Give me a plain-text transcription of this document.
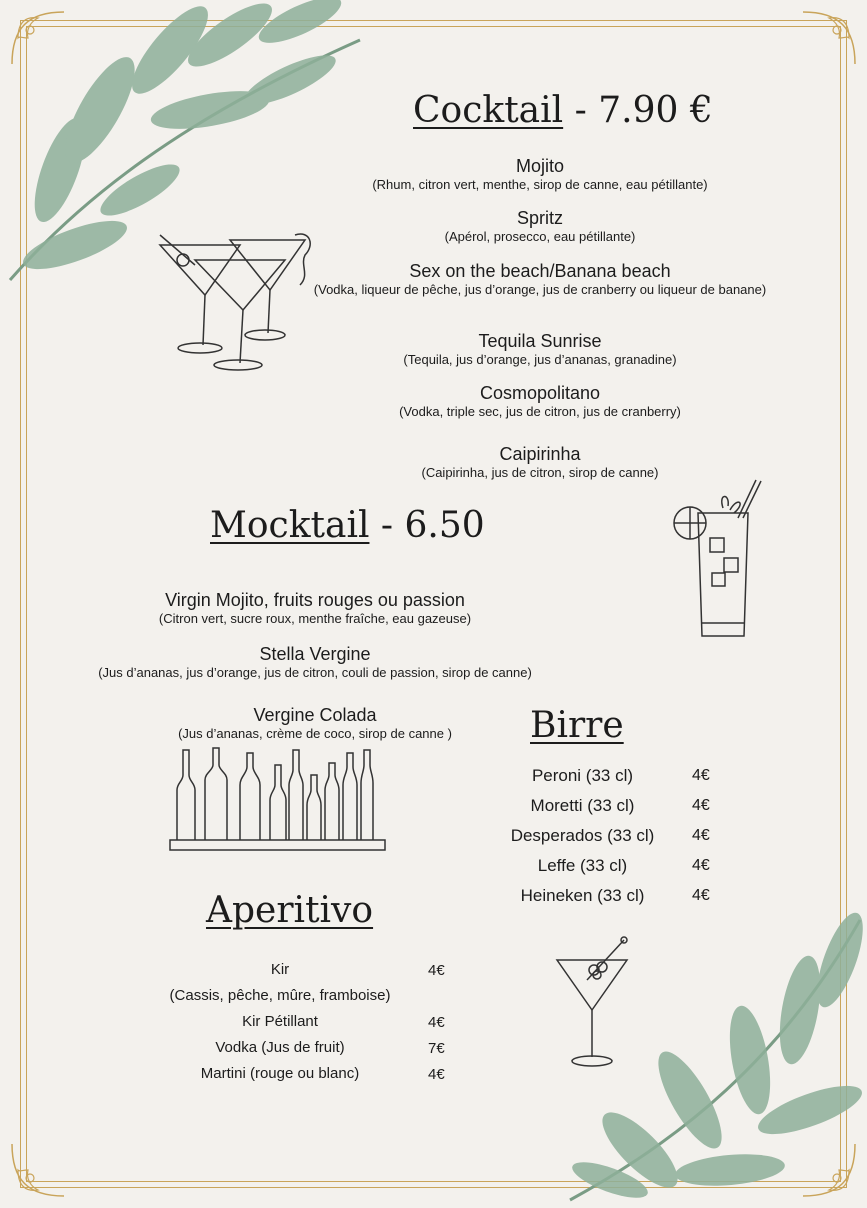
Cocktail - 7.90 €
Mojito
(Rhum, citron vert, menthe, sirop de canne, eau pétillante)
Spritz
(Apérol, prosecco, eau pétillante)
Sex on the beach/Banana beach
(Vodka, liqueur de pêche, jus d’orange, jus de cranberry ou liqueur de banane)
Tequila Sunrise
(Tequila, jus d’orange, jus d’ananas, granadine)
Cosmopolitano
(Vodka, triple sec, jus de citron, jus de cranberry)
Caipirinha
(Caipirinha, jus de citron, sirop de canne)
Mocktail - 6.50
Virgin Mojito, fruits rouges ou passion
(Citron vert, sucre roux, menthe fraîche, eau gazeuse)
Stella Vergine
(Jus d’ananas, jus d’orange, jus de citron, couli de passion, sirop de canne)
Vergine Colada
(Jus d’ananas, crème de coco, sirop de canne )	Birre
Peroni (33 cl)	4€
Moretti (33 cl)	4€
Desperados (33 cl)	4€
Leffe (33 cl)	4€
Heineken (33 cl)	4€
Aperitivo
Kir	4€
(Cassis, pêche, mûre, framboise)
Kir Pétillant	4€
Vodka (Jus de fruit)	7€
Martini (rouge ou blanc)	4€
